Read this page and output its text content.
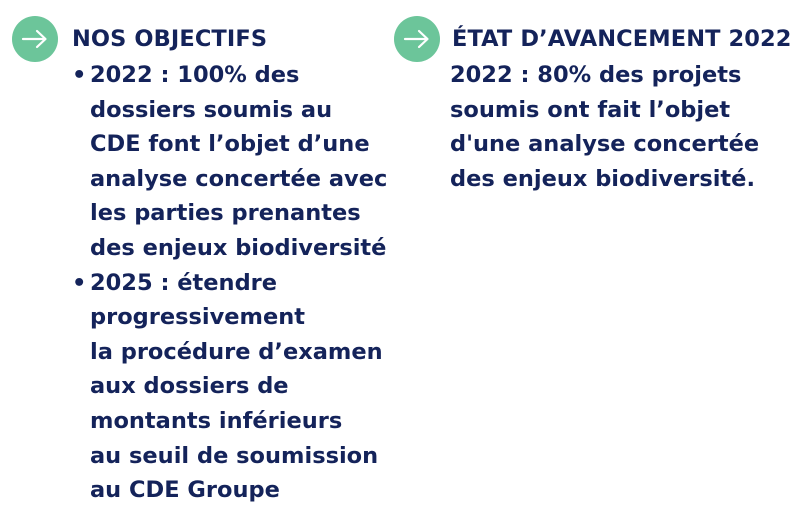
NOS OBJECTIFS
• 2022 : 100% des
dossiers soumis au
CDE font l’objet d’une
analyse concertée avec
les parties prenantes
des enjeux biodiversité
• 2025 : étendre
progressivement
la procédure d’examen
aux dossiers de
montants inférieurs
au seuil de soumission
au CDE Groupe
ÉTAT D’AVANCEMENT 2022
2022 : 80% des projets
soumis ont fait l’objet
d'une analyse concertée
des enjeux biodiversité.
